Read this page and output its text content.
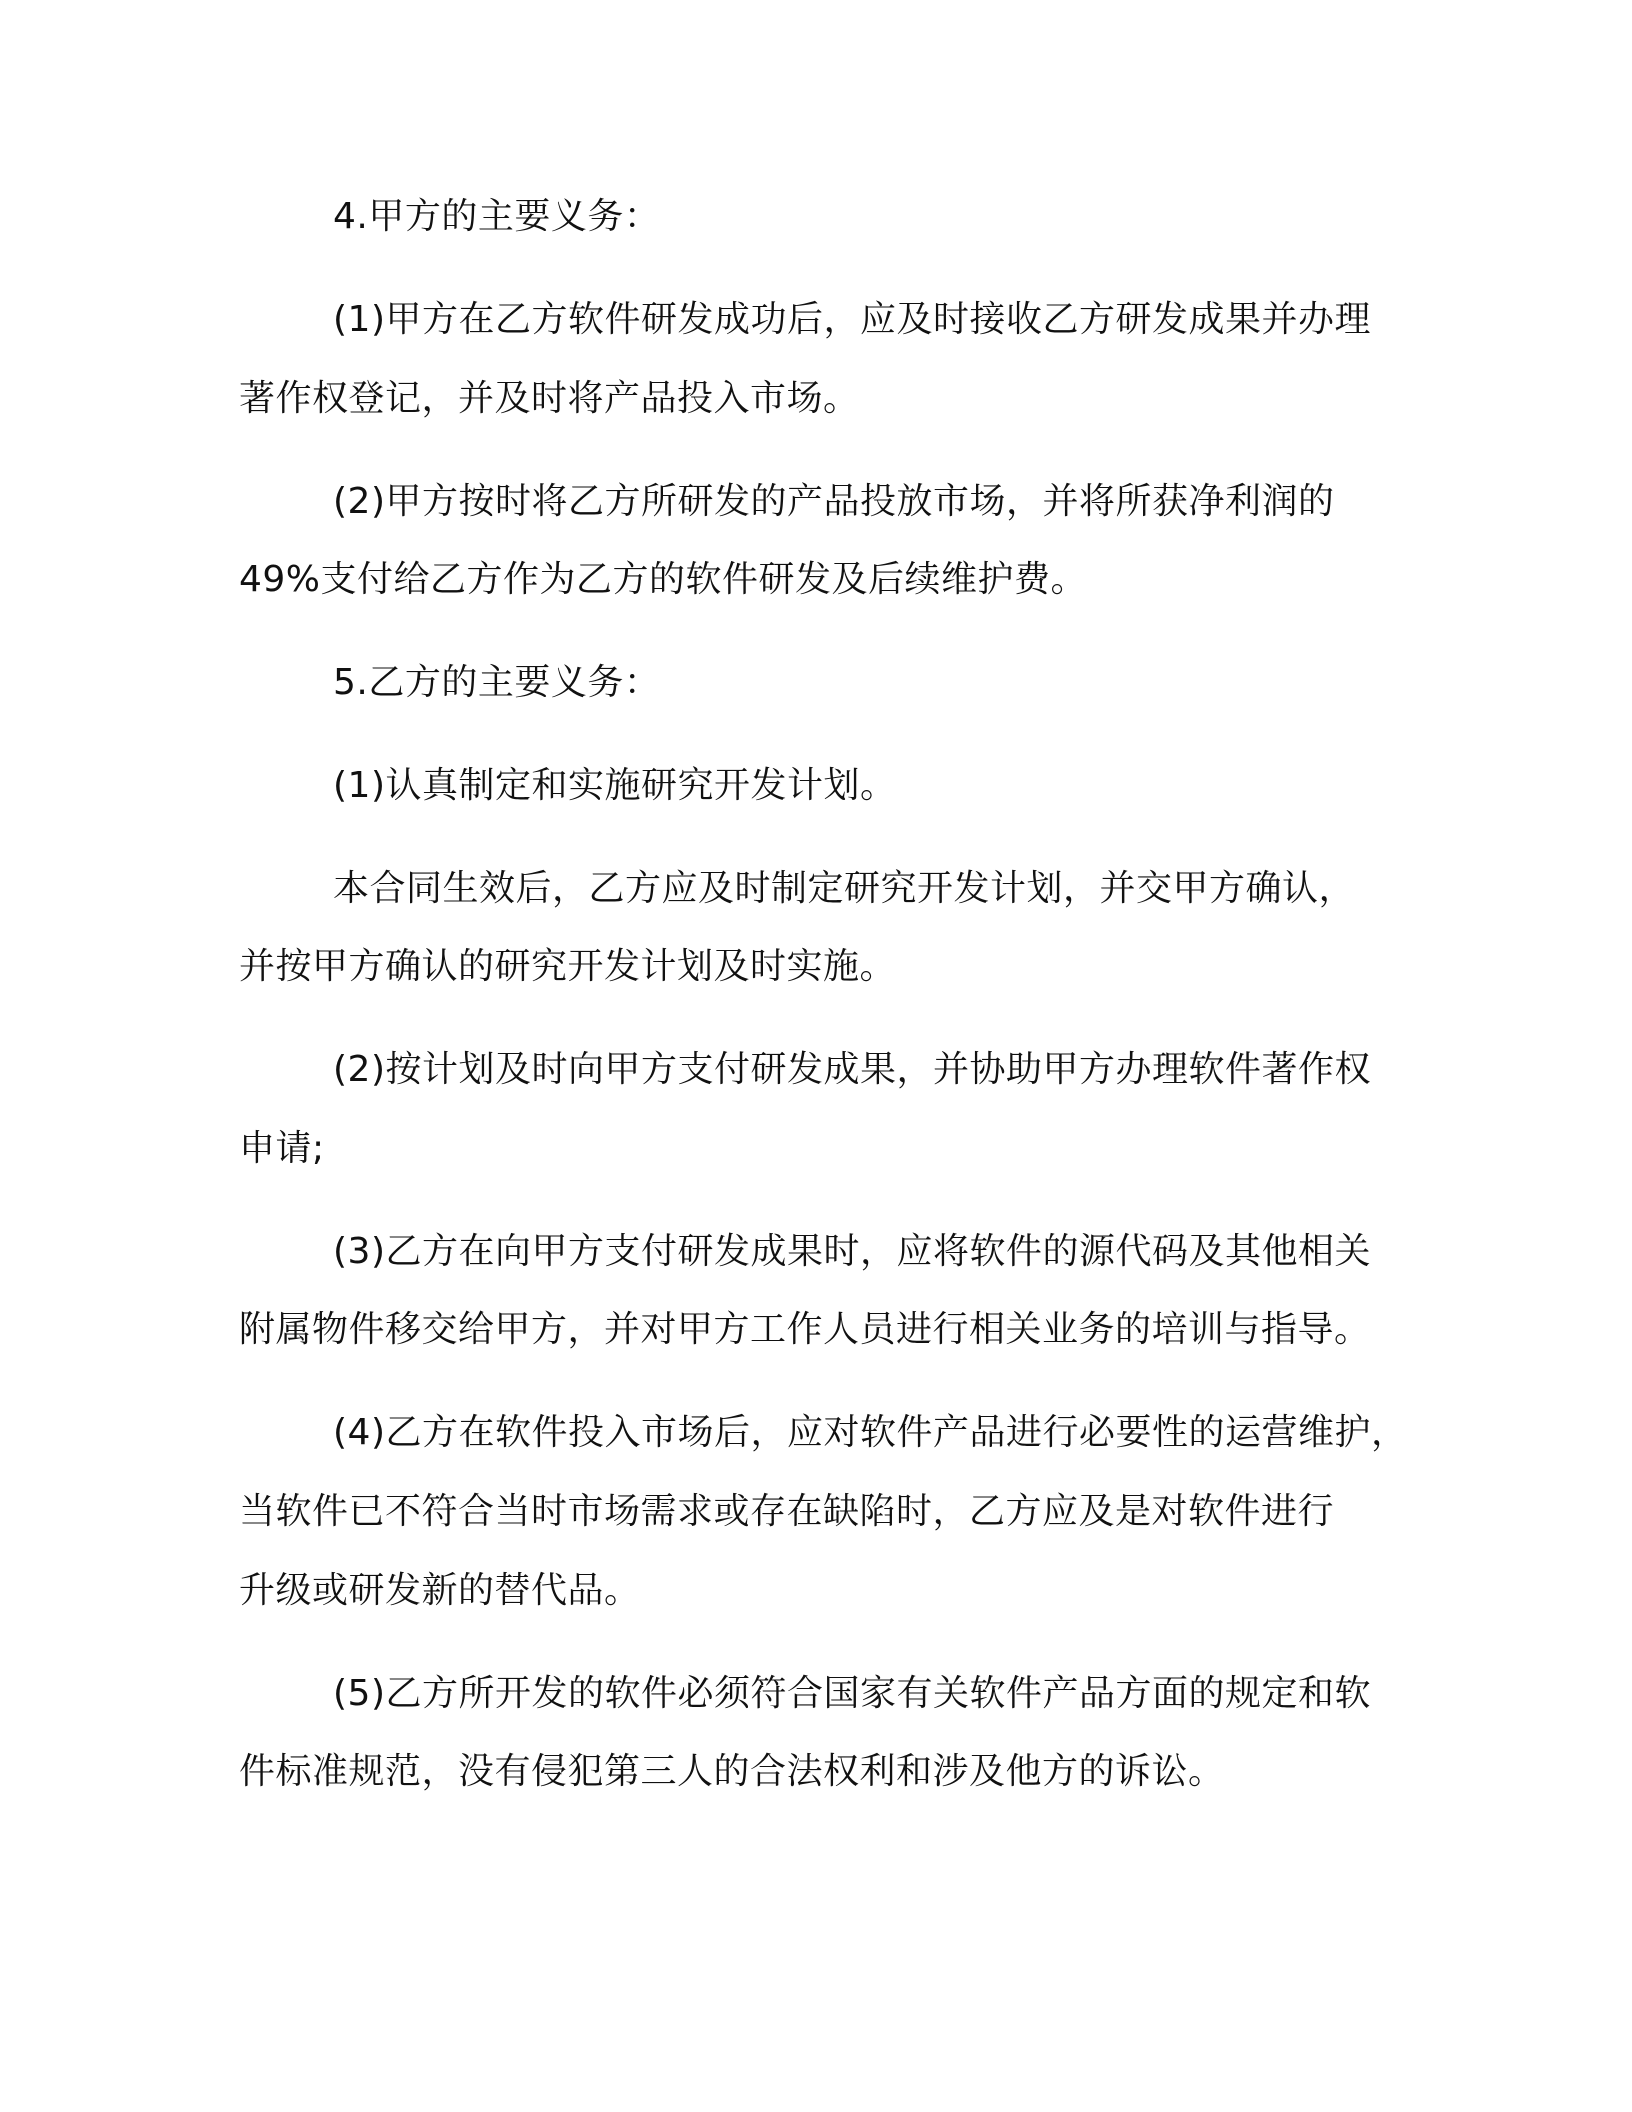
4.甲方的主要义务：
(1)甲方在乙方软件研发成功后，应及时接收乙方研发成果并办理
著作权登记，并及时将产品投入市场。
(2)甲方按时将乙方所研发的产品投放市场，并将所获净利润的
49%支付给乙方作为乙方的软件研发及后续维护费。
5.乙方的主要义务：
(1)认真制定和实施研究开发计划。
本合同生效后，乙方应及时制定研究开发计划，并交甲方确认，
并按甲方确认的研究开发计划及时实施。
(2)按计划及时向甲方支付研发成果，并协助甲方办理软件著作权
申请;
(3)乙方在向甲方支付研发成果时，应将软件的源代码及其他相关
附属物件移交给甲方，并对甲方工作人员进行相关业务的培训与指导。
(4)乙方在软件投入市场后，应对软件产品进行必要性的运营维护，
当软件已不符合当时市场需求或存在缺陷时，乙方应及是对软件进行
升级或研发新的替代品。
(5)乙方所开发的软件必须符合国家有关软件产品方面的规定和软
件标准规范，没有侵犯第三人的合法权利和涉及他方的诉讼。
